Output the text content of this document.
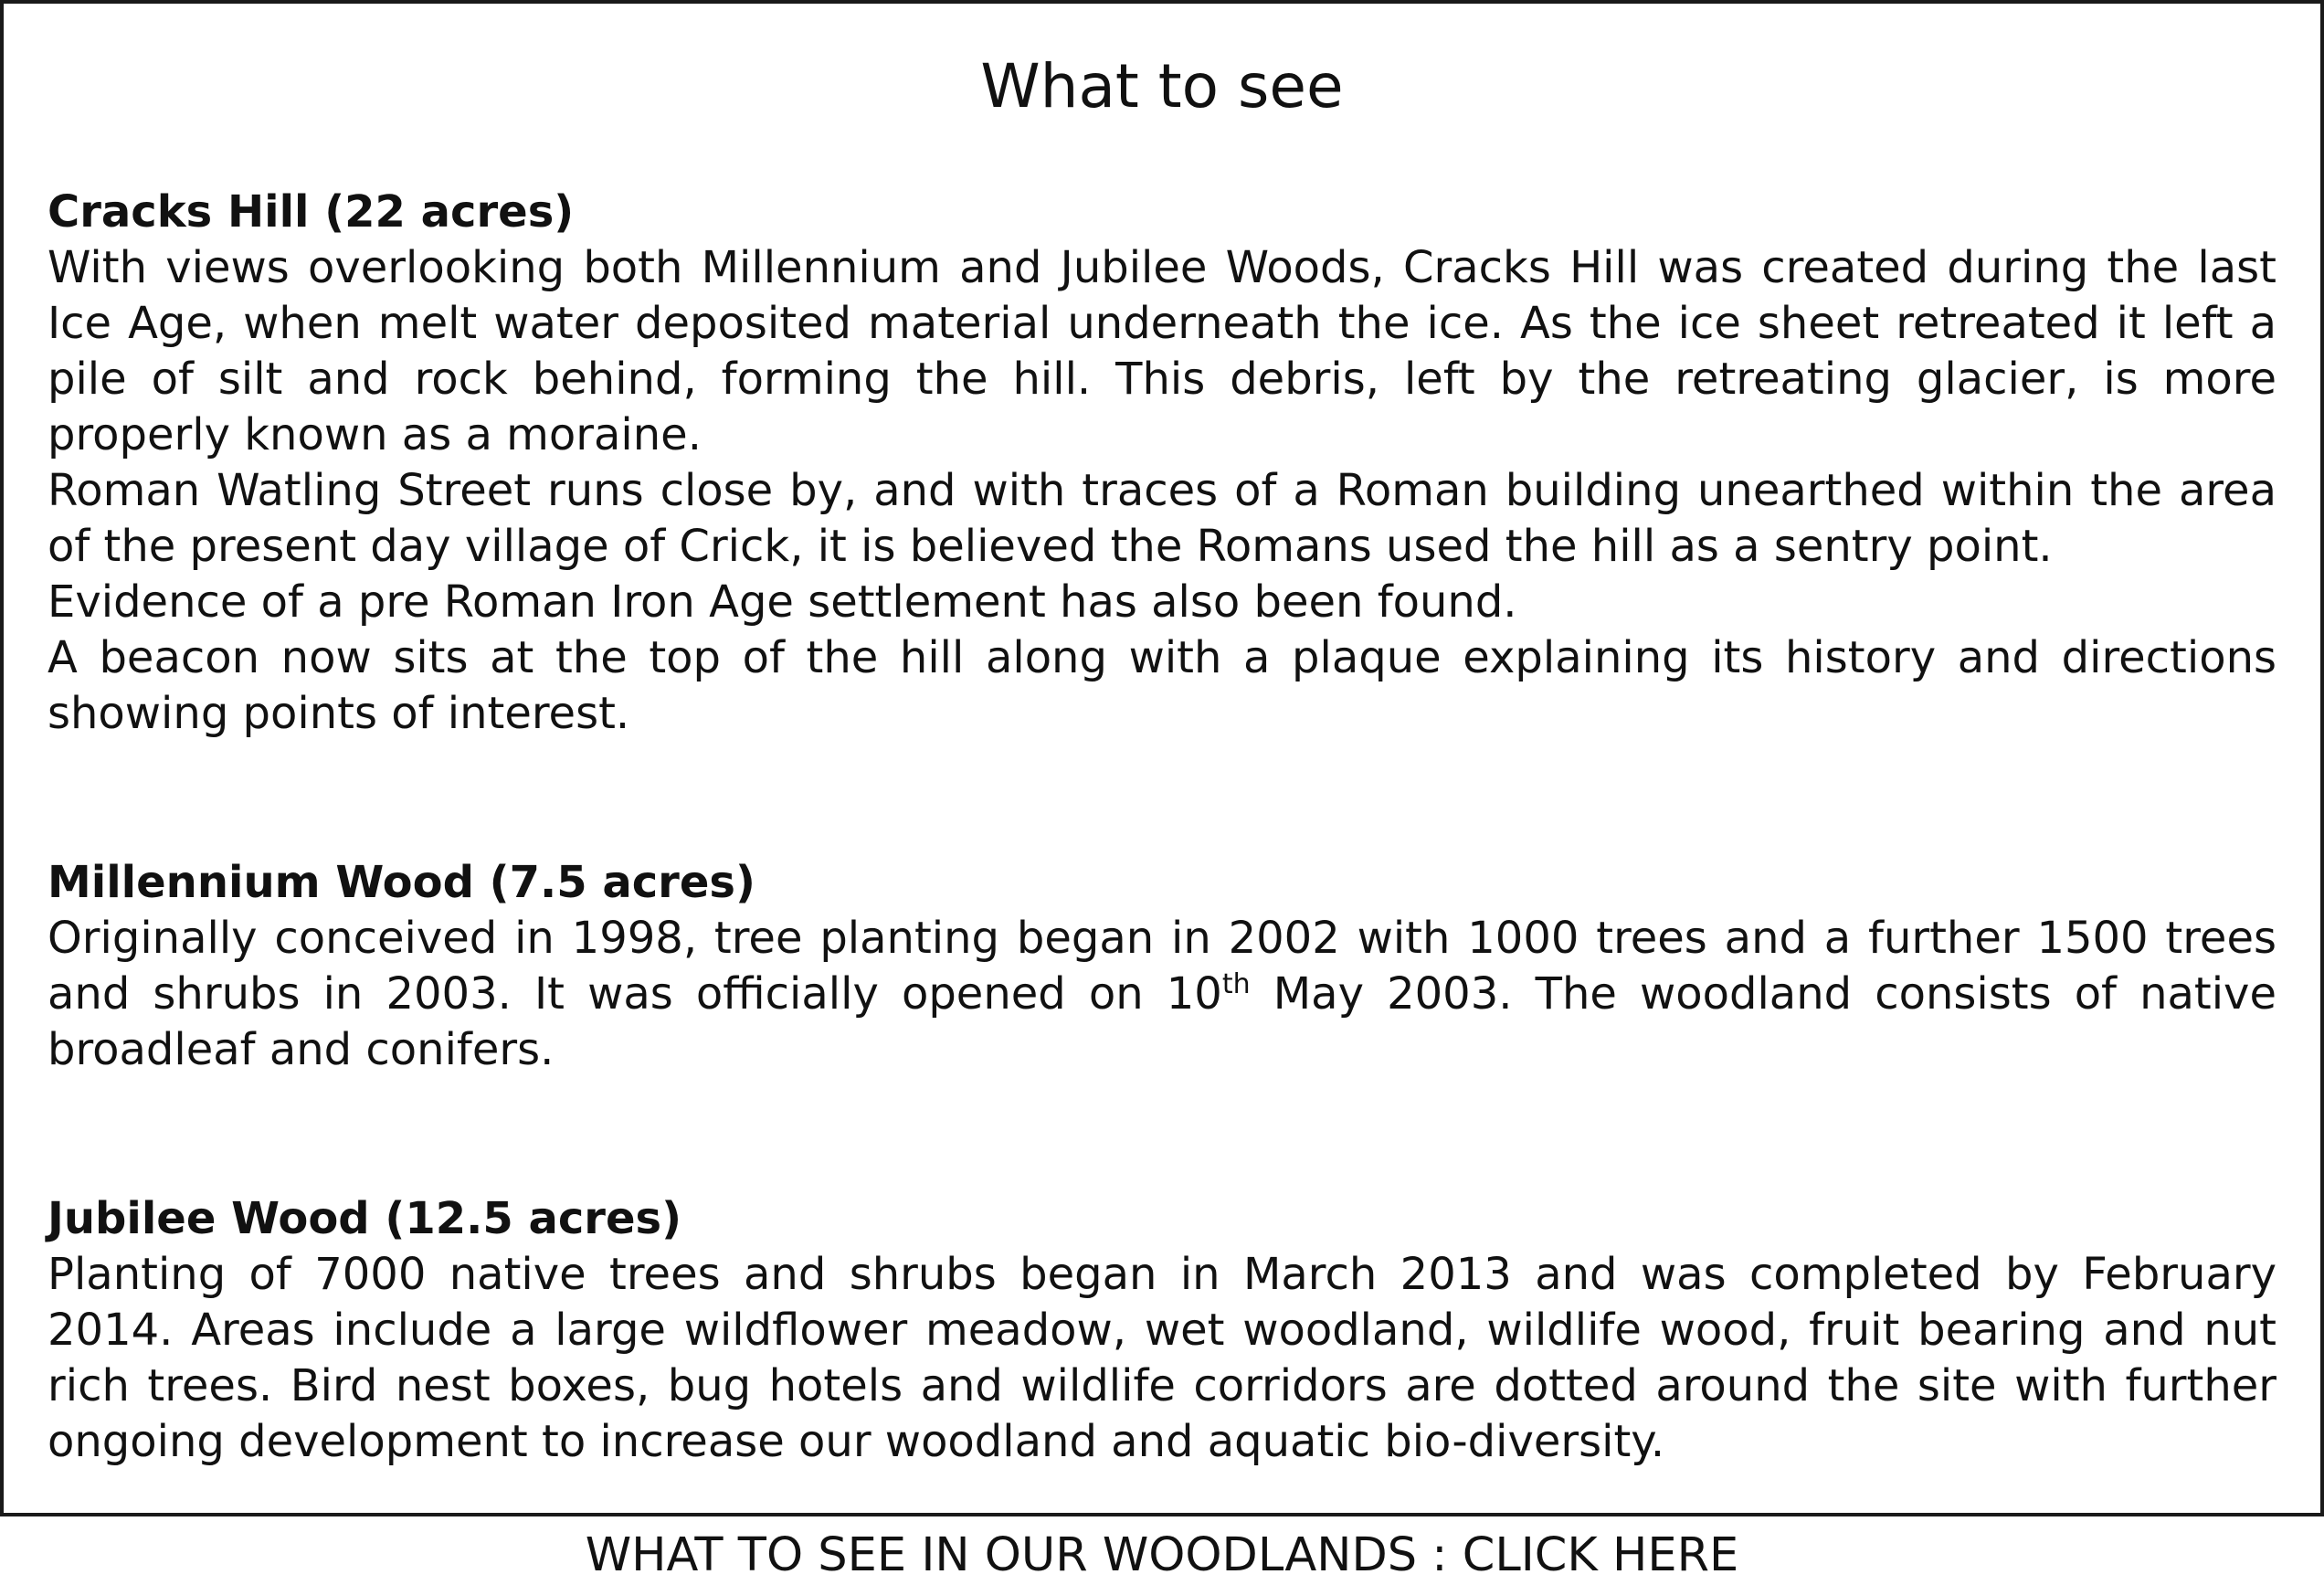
What to see

Cracks Hill (22 acres)

With views overlooking both Millennium and Jubilee Woods, Cracks Hill was created during the last Ice Age, when melt water deposited material underneath the ice. As the ice sheet retreated it left a pile of silt and rock behind, forming the hill. This debris, left by the retreating glacier, is more properly known as a moraine.

Roman Watling Street runs close by, and with traces of a Roman building unearthed within the area of the present day village of Crick, it is believed the Romans used the hill as a sentry point.

Evidence of a pre Roman Iron Age settlement has also been found.

A beacon now sits at the top of the hill along with a plaque explaining its history and directions showing points of interest.

Millennium Wood (7.5 acres)

Originally conceived in 1998, tree planting began in 2002 with 1000 trees and a further 1500 trees and shrubs in 2003. It was officially opened on 10th May 2003. The woodland consists of native broadleaf and conifers.

Jubilee Wood (12.5 acres)

Planting of 7000 native trees and shrubs began in March 2013 and was completed by February 2014. Areas include a large wildflower meadow, wet woodland, wildlife wood, fruit bearing and nut rich trees. Bird nest boxes, bug hotels and wildlife corridors are dotted around the site with further ongoing development to increase our woodland and aquatic bio-diversity.

WHAT TO SEE IN OUR WOODLANDS : CLICK HERE
